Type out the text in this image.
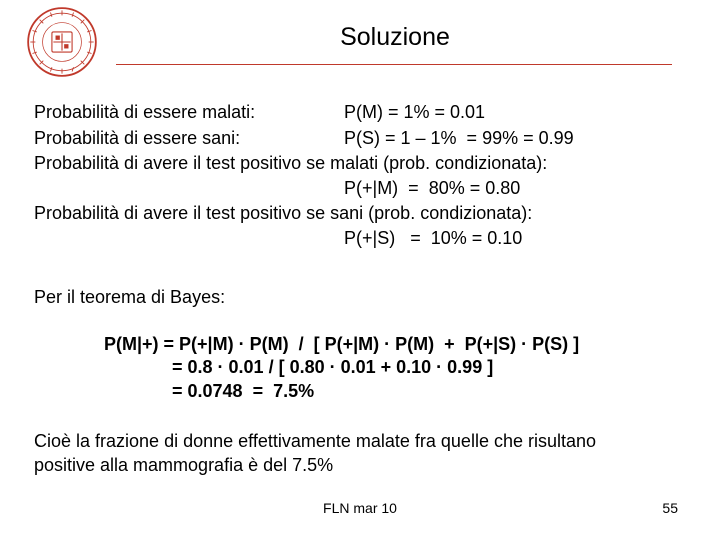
Soluzione
Probabilità di essere malati:	P(M) = 1% = 0.01
Probabilità di essere sani:	P(S) = 1 – 1%  = 99% = 0.99
Probabilità di avere il test positivo se malati (prob. condizionata):
P(+|M)  =  80% = 0.80
Probabilità di avere il test positivo se sani (prob. condizionata):
P(+|S)   =  10% = 0.10
Per il teorema di Bayes:
P(M|+) = P(+|M) · P(M)  /  [ P(+|M) · P(M)  +  P(+|S) · P(S) ]
= 0.8 · 0.01 / [ 0.80 · 0.01 + 0.10 · 0.99 ]
= 0.0748  =  7.5%
Cioè la frazione di donne effettivamente malate fra quelle che risultano
positive alla mammografia è del 7.5%
FLN mar 10	55
